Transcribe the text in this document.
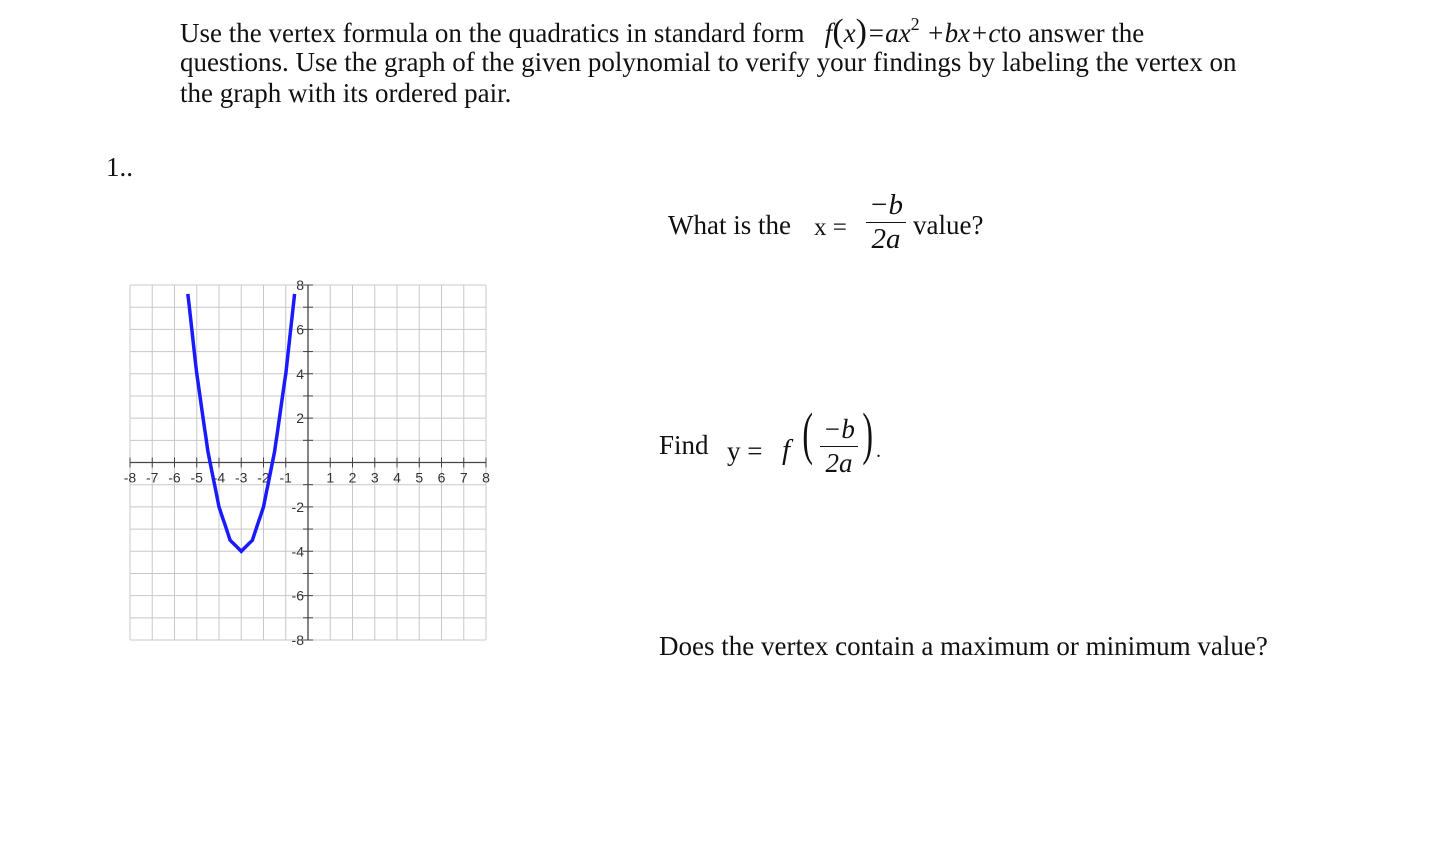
Use the vertex formula on the quadratics in standard form $f(x)=ax^2 +bx+cto$ answer the
questions. Use the graph of the given polynomial to verify your findings by labeling the vertex on
the graph with its ordered pair.
1..
What is the x =
−b
2a value?
Find y = f ( −b
2a ) .
Does the vertex contain a maximum or minimum value?
-8 -7 -6 -5 -4 -3 -2 -1 1 2 3 4 5 6 7 8
8
6
4
2
-2
-4
-6
-8
